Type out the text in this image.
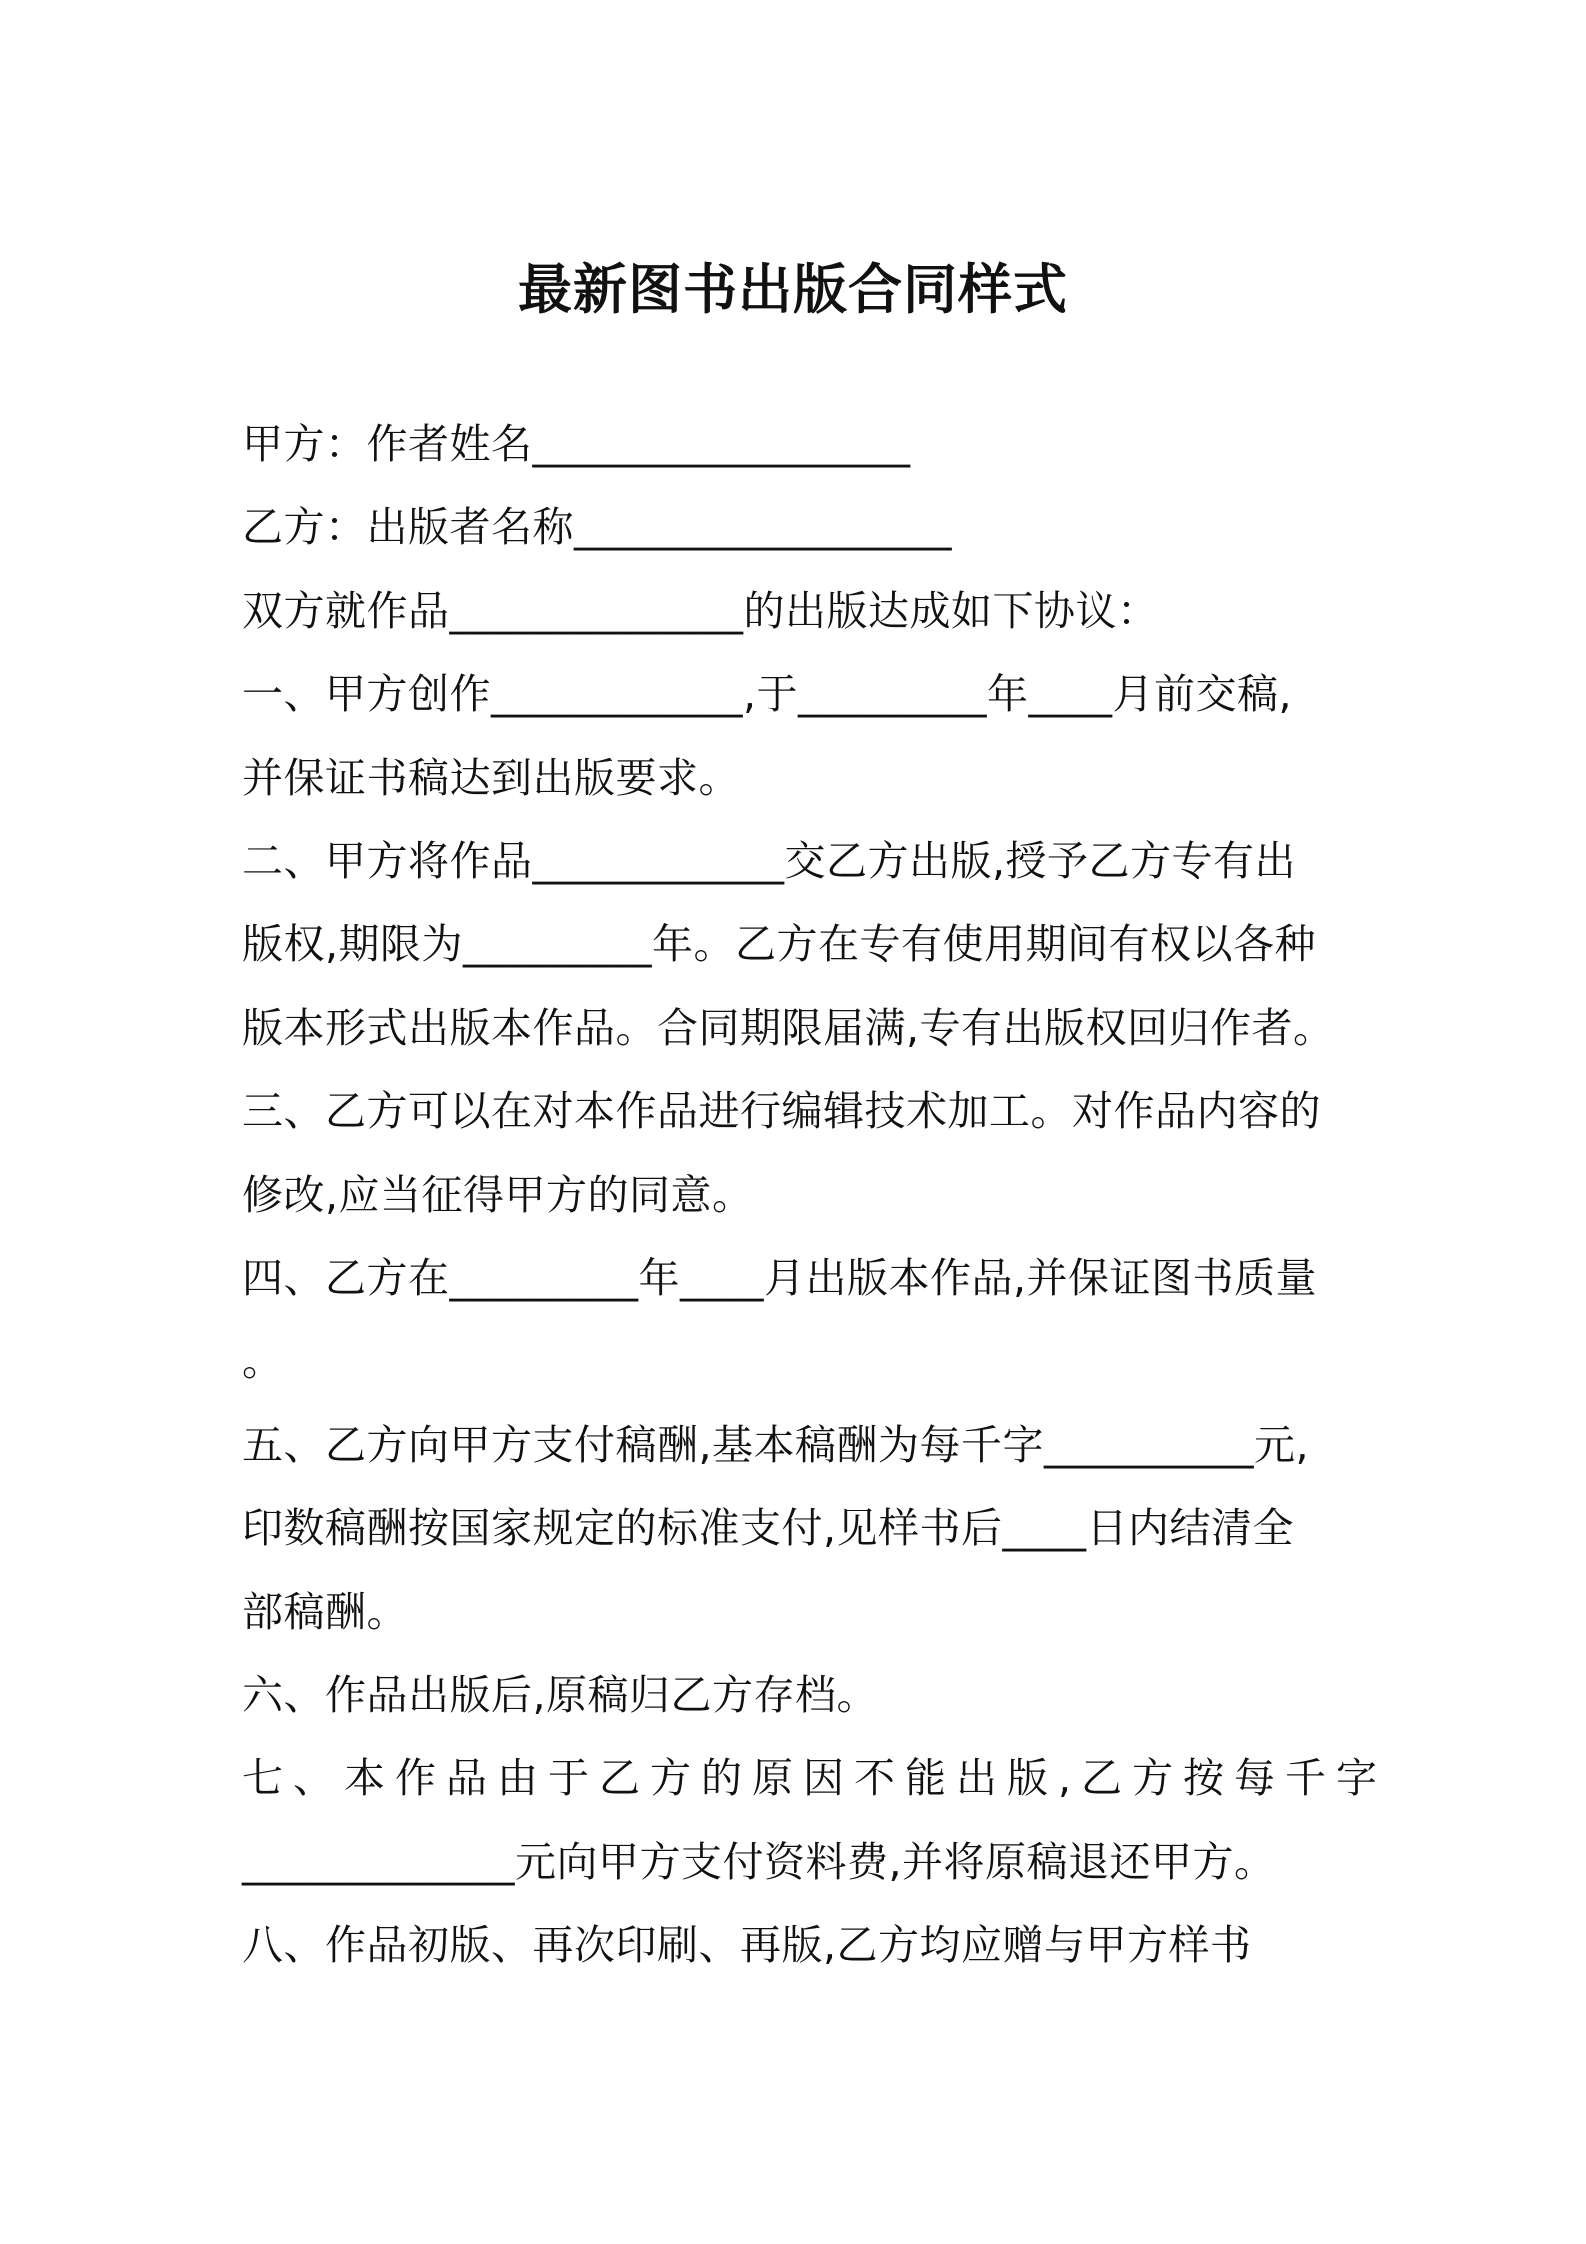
最新图书出版合同样式
甲方：作者姓名__________________
乙方：出版者名称__________________
双方就作品______________的出版达成如下协议：
一、甲方创作____________,于_________年____月前交稿,
并保证书稿达到出版要求。
二、甲方将作品____________交乙方出版,授予乙方专有出
版权,期限为_________年。乙方在专有使用期间有权以各种
版本形式出版本作品。合同期限届满,专有出版权回归作者。
三、乙方可以在对本作品进行编辑技术加工。对作品内容的
修改,应当征得甲方的同意。
四、乙方在_________年____月出版本作品,并保证图书质量
。
五、乙方向甲方支付稿酬,基本稿酬为每千字__________元,
印数稿酬按国家规定的标准支付,见样书后____日内结清全
部稿酬。
六、作品出版后,原稿归乙方存档。
七、本作品由于乙方的原因不能出版,乙方按每千字
_____________元向甲方支付资料费,并将原稿退还甲方。
八、作品初版、再次印刷、再版,乙方均应赠与甲方样书
